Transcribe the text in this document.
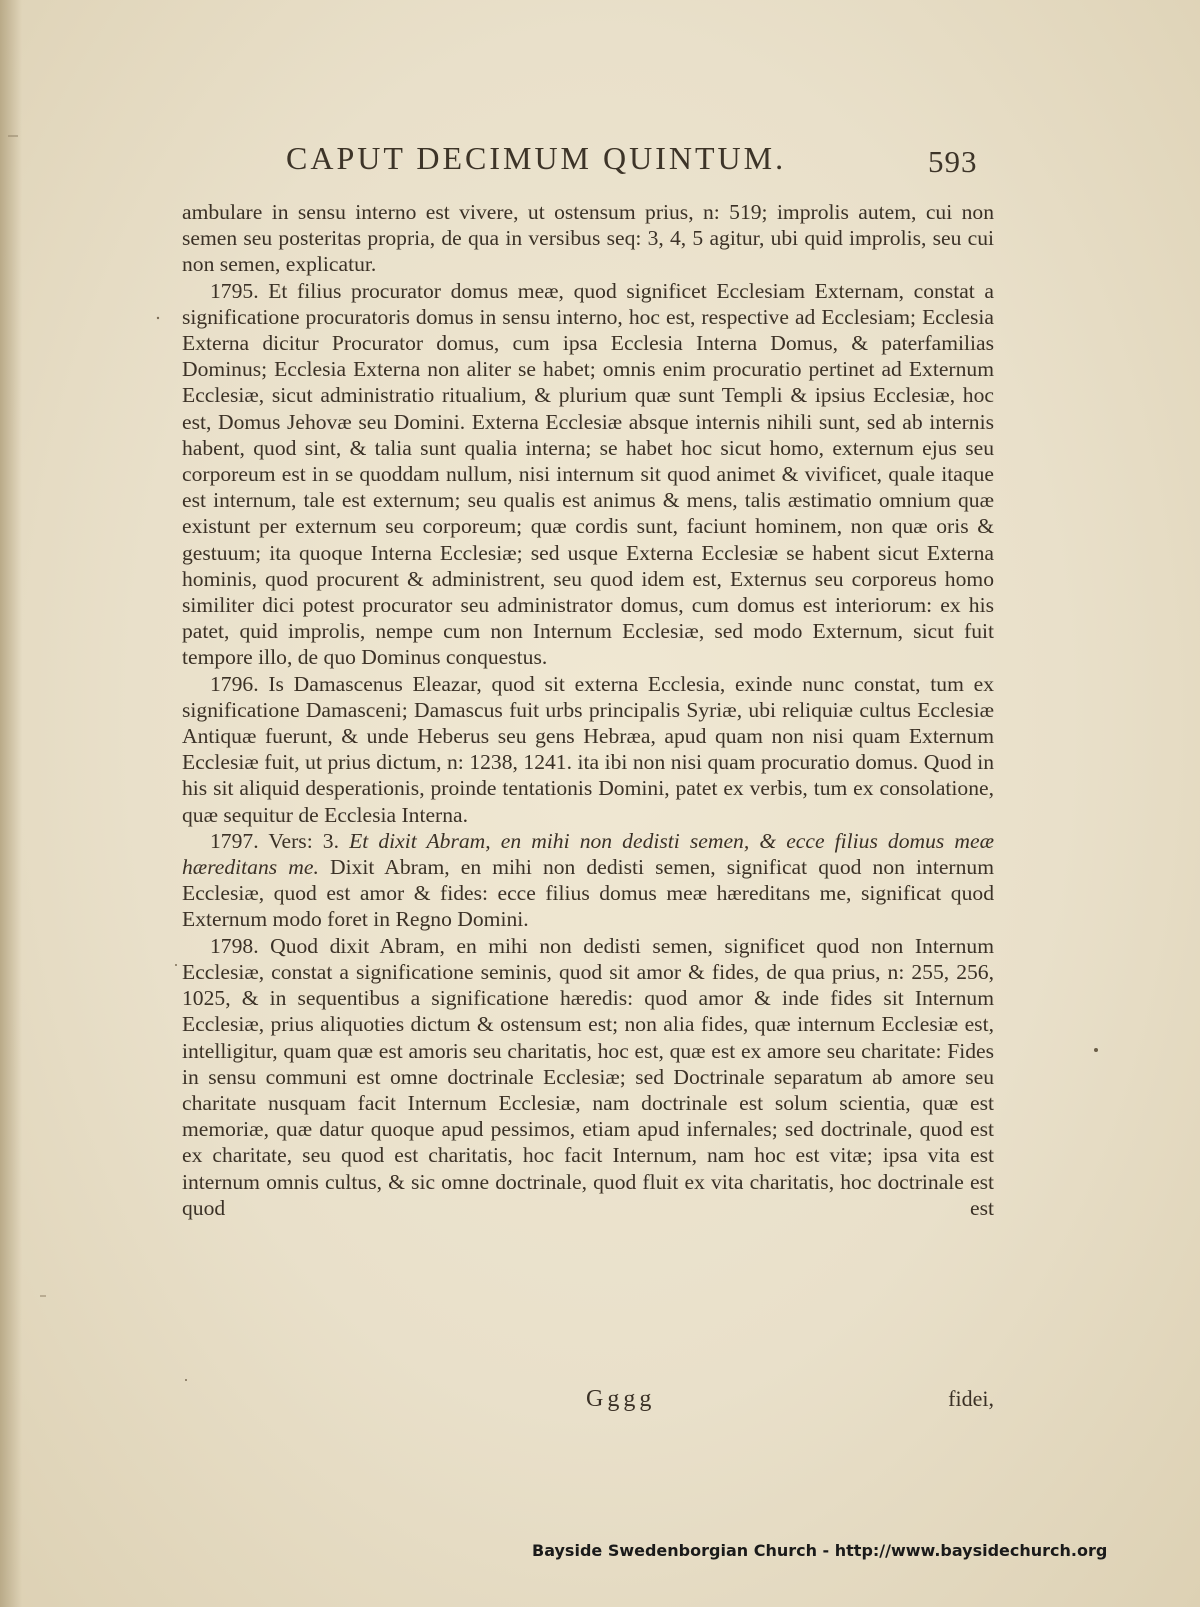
CAPUT DECIMUM QUINTUM.	593

ambulare in sensu interno est vivere, ut ostensum prius, n: 519; improlis autem, cui non semen seu posteritas propria, de qua in versibus seq: 3, 4, 5 agitur, ubi quid improlis, seu cui non semen, explicatur.

1795. Et filius procurator domus meæ, quod significet Ecclesiam Externam, constat a significatione procuratoris domus in sensu interno, hoc est, respective ad Ecclesiam; Ecclesia Externa dicitur Procurator domus, cum ipsa Ecclesia Interna Domus, & paterfamilias Dominus; Ecclesia Externa non aliter se habet; omnis enim procuratio pertinet ad Externum Ecclesiæ, sicut administratio ritualium, & plurium quæ sunt Templi & ipsius Ecclesiæ, hoc est, Domus Jehovæ seu Domini. Externa Ecclesiæ absque internis nihili sunt, sed ab internis habent, quod sint, & talia sunt qualia interna; se habet hoc sicut homo, externum ejus seu corporeum est in se quoddam nullum, nisi internum sit quod animet & vivificet, quale itaque est internum, tale est externum; seu qualis est animus & mens, talis æstimatio omnium quæ existunt per externum seu corporeum; quæ cordis sunt, faciunt hominem, non quæ oris & gestuum; ita quoque Interna Ecclesiæ; sed usque Externa Ecclesiæ se habent sicut Externa hominis, quod procurent & administrent, seu quod idem est, Externus seu corporeus homo similiter dici potest procurator seu administrator domus, cum domus est interiorum: ex his patet, quid improlis, nempe cum non Internum Ecclesiæ, sed modo Externum, sicut fuit tempore illo, de quo Dominus conquestus.

1796. Is Damascenus Eleazar, quod sit externa Ecclesia, exinde nunc constat, tum ex significatione Damasceni; Damascus fuit urbs principalis Syriæ, ubi reliquiæ cultus Ecclesiæ Antiquæ fuerunt, & unde Heberus seu gens Hebræa, apud quam non nisi quam Externum Ecclesiæ fuit, ut prius dictum, n: 1238, 1241. ita ibi non nisi quam procuratio domus. Quod in his sit aliquid desperationis, proinde tentationis Domini, patet ex verbis, tum ex consolatione, quæ sequitur de Ecclesia Interna.

1797. Vers: 3. Et dixit Abram, en mihi non dedisti semen, & ecce filius domus meæ hæreditans me. Dixit Abram, en mihi non dedisti semen, significat quod non internum Ecclesiæ, quod est amor & fides: ecce filius domus meæ hæreditans me, significat quod Externum modo foret in Regno Domini.

1798. Quod dixit Abram, en mihi non dedisti semen, significet quod non Internum Ecclesiæ, constat a significatione seminis, quod sit amor & fides, de qua prius, n: 255, 256, 1025, & in sequentibus a significatione hæredis: quod amor & inde fides sit Internum Ecclesiæ, prius aliquoties dictum & ostensum est; non alia fides, quæ internum Ecclesiæ est, intelligitur, quam quæ est amoris seu charitatis, hoc est, quæ est ex amore seu charitate: Fides in sensu communi est omne doctrinale Ecclesiæ; sed Doctrinale separatum ab amore seu charitate nusquam facit Internum Ecclesiæ, nam doctrinale est solum scientia, quæ est memoriæ, quæ datur quoque apud pessimos, etiam apud infernales; sed doctrinale, quod est ex charitate, seu quod est charitatis, hoc facit Internum, nam hoc est vitæ; ipsa vita est internum omnis cultus, & sic omne doctrinale, quod fluit ex vita charitatis, hoc doctrinale est quod est

Gggg	fidei,
Bayside Swedenborgian Church - http://www.baysidechurch.org
